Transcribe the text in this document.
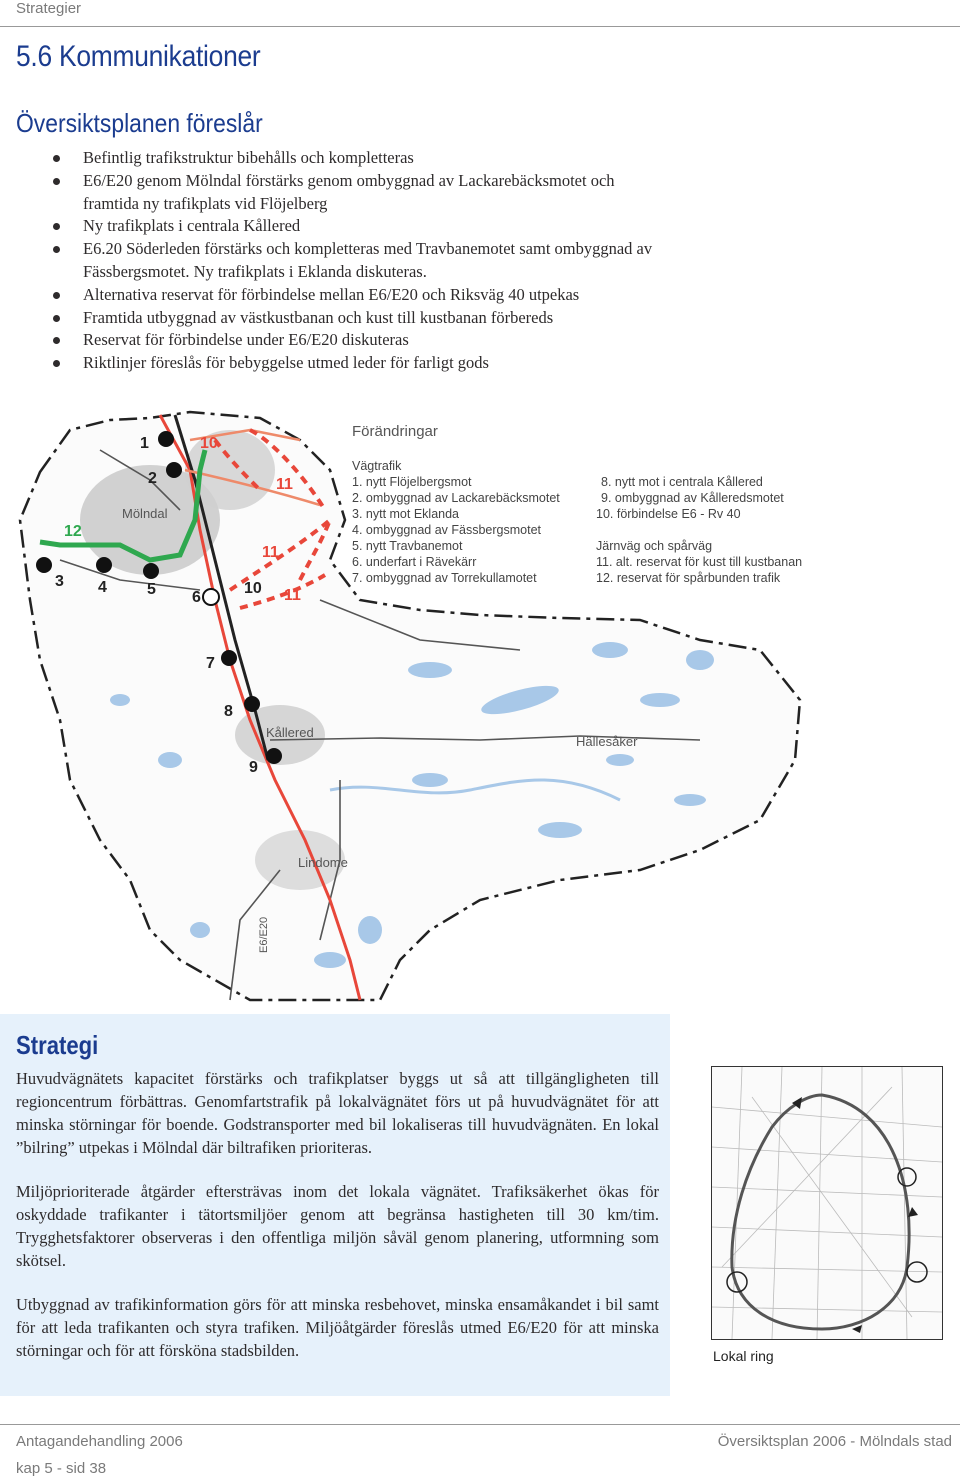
Strategier
5.6 Kommunikationer
Översiktsplanen föreslår
Befintlig trafikstruktur bibehålls och kompletteras
E6/E20 genom Mölndal förstärks genom ombyggnad av Lackarebäcksmotet och framtida ny trafikplats vid Flöjelberg
Ny trafikplats i centrala Kållered
E6.20 Söderleden förstärks och kompletteras med Travbanemotet samt ombyggnad av Fässbergsmotet. Ny trafikplats i Eklanda diskuteras.
Alternativa reservat för förbindelse mellan E6/E20 och Riksväg 40 utpekas
Framtida utbyggnad av västkustbanan och kust till kustbanan förbereds
Reservat för förbindelse under E6/E20 diskuteras
Riktlinjer föreslås för bebyggelse utmed leder för farligt gods
1
2
3 4	5 6
7
8
9
10
10
11
11
11
12
Mölndal
Kållered
Hällesåker
Lindome
E6/E20
Förändringar
Vägtrafik
1. nytt Flöjelbergsmot
2. ombyggnad av Lackarebäcksmotet
3. nytt mot Eklanda
4. ombyggnad av Fässbergsmotet
5. nytt Travbanemot
6. underfart i Rävekärr
7. ombyggnad av Torrekullamotet
8. nytt mot i centrala Kållered
9. ombyggnad av Kålleredsmotet
10. förbindelse E6 - Rv 40
Järnväg och spårväg
11. alt. reservat för kust till kustbanan
12. reservat för spårbunden trafik
Strategi

Huvudvägnätets kapacitet förstärks och trafikplatser byggs ut så att tillgängligheten till regioncentrum förbättras. Genomfartstrafik på lokalvägnätet förs ut på huvudvägnätet för att minska störningar för boende. Godstransporter med bil lokaliseras till huvudvägnäten. En lokal ”bilring” utpekas i Mölndal där biltrafiken prioriteras.

Miljöprioriterade åtgärder eftersträvas inom det lokala vägnätet. Trafiksäkerhet ökas för oskyddade trafikanter i tätortsmiljöer genom att begränsa hastigheten till 30 km/tim. Trygghetsfaktorer observeras i den offentliga miljön såväl genom planering, utformning som skötsel.

Utbyggnad av trafikinformation görs för att minska resbehovet, minska ensamåkandet i bil samt för att leda trafikanten och styra trafiken. Miljöåtgärder föreslås utmed E6/E20 för att minska störningar och för att försköna stadsbilden.	Lokal ring
Antagandehandling 2006	Översiktsplan 2006 - Mölndals stad
kap 5 - sid 38
